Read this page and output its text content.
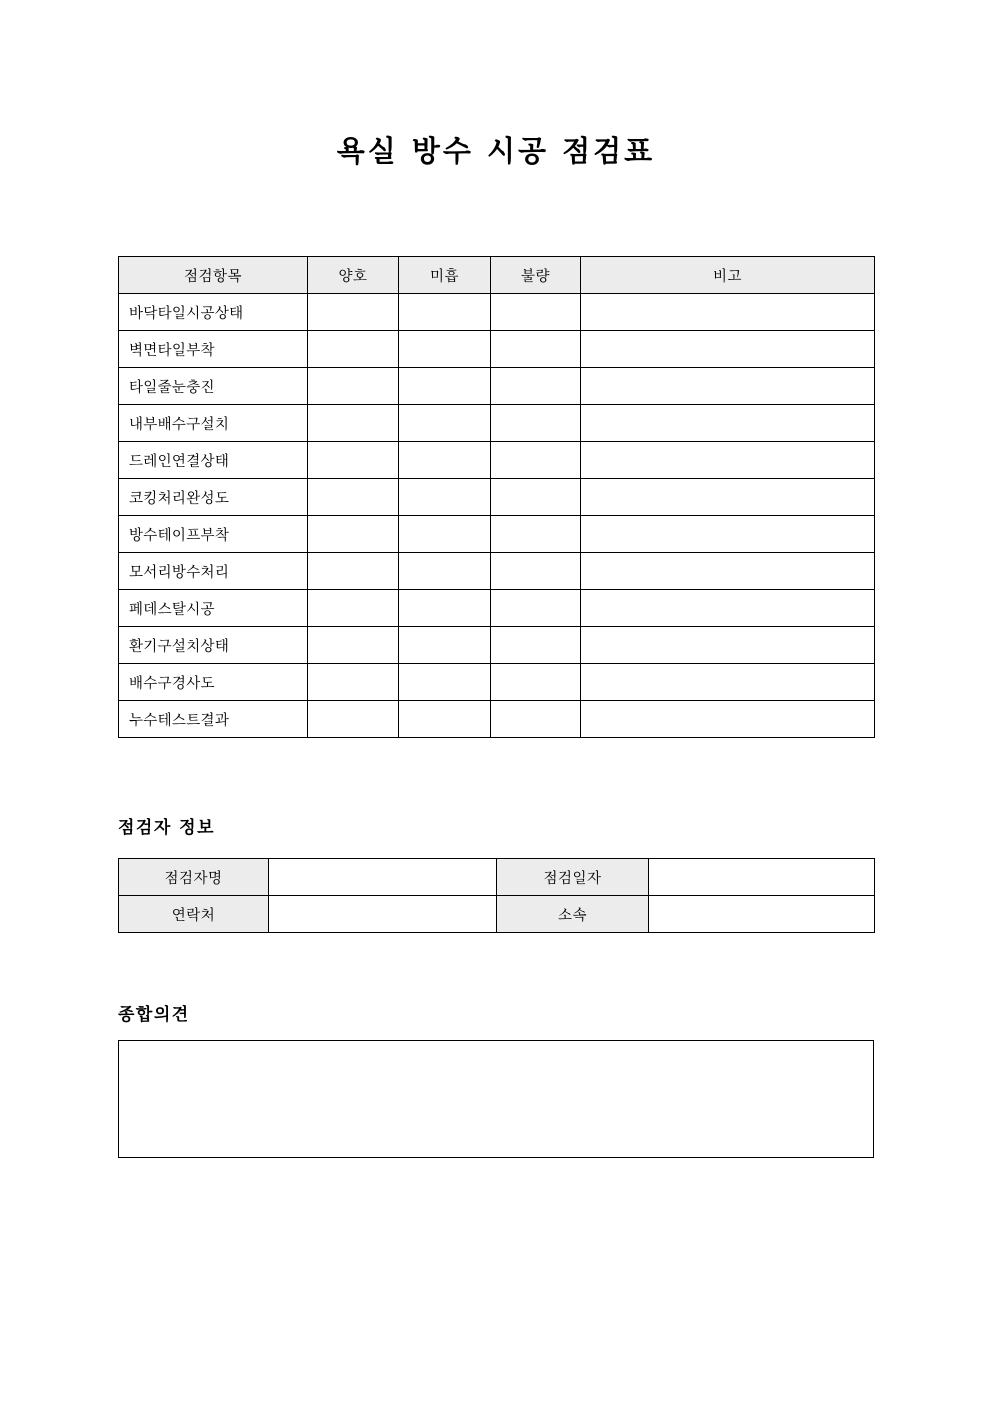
욕실 방수 시공 점검표
점검항목	양호	미흡	불량	비고
바닥타일시공상태				
벽면타일부착				
타일줄눈충진				
내부배수구설치				
드레인연결상태				
코킹처리완성도				
방수테이프부착				
모서리방수처리				
페데스탈시공				
환기구설치상태				
배수구경사도				
누수테스트결과				
점검자 정보
점검자명		점검일자	
연락처		소속	
종합의견
